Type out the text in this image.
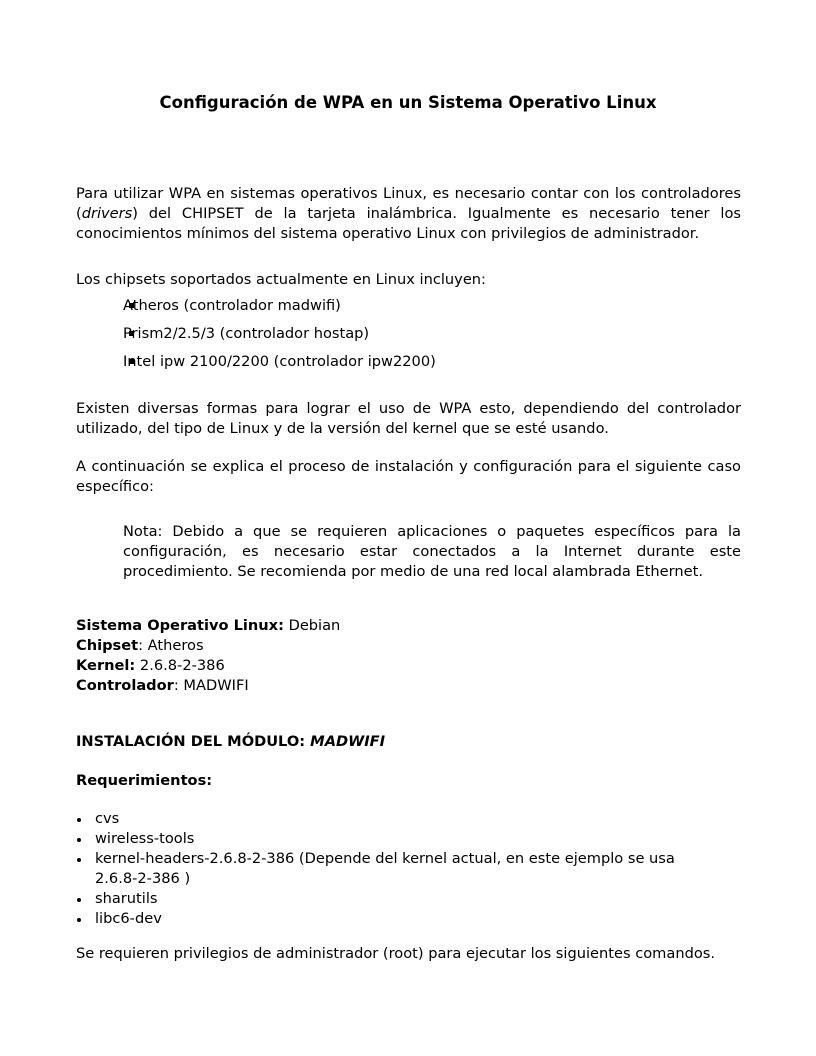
Configuración de WPA en un Sistema Operativo Linux
Para utilizar WPA en sistemas operativos Linux, es necesario contar con los controladores (drivers) del CHIPSET de la tarjeta inalámbrica. Igualmente es necesario tener los conocimientos mínimos del sistema operativo Linux con privilegios de administrador.
Los chipsets soportados actualmente en Linux incluyen:
Atheros (controlador madwifi)
Prism2/2.5/3 (controlador hostap)
Intel ipw 2100/2200 (controlador ipw2200)
Existen diversas formas para lograr el uso de WPA esto, dependiendo del controlador utilizado, del tipo de Linux y de la versión del kernel que se esté usando.
A continuación se explica el proceso de instalación y configuración para el siguiente caso específico:
Nota: Debido a que se requieren aplicaciones o paquetes específicos para la configuración, es necesario estar conectados a la Internet durante este procedimiento. Se recomienda por medio de una red local alambrada Ethernet.
Sistema Operativo Linux: Debian
Chipset: Atheros
Kernel: 2.6.8-2-386
Controlador: MADWIFI
INSTALACIÓN DEL MÓDULO: MADWIFI
Requerimientos:
cvs
wireless-tools
kernel-headers-2.6.8-2-386 (Depende del kernel actual, en este ejemplo se usa 2.6.8-2-386 )
sharutils
libc6-dev
Se requieren privilegios de administrador (root) para ejecutar los siguientes comandos.
